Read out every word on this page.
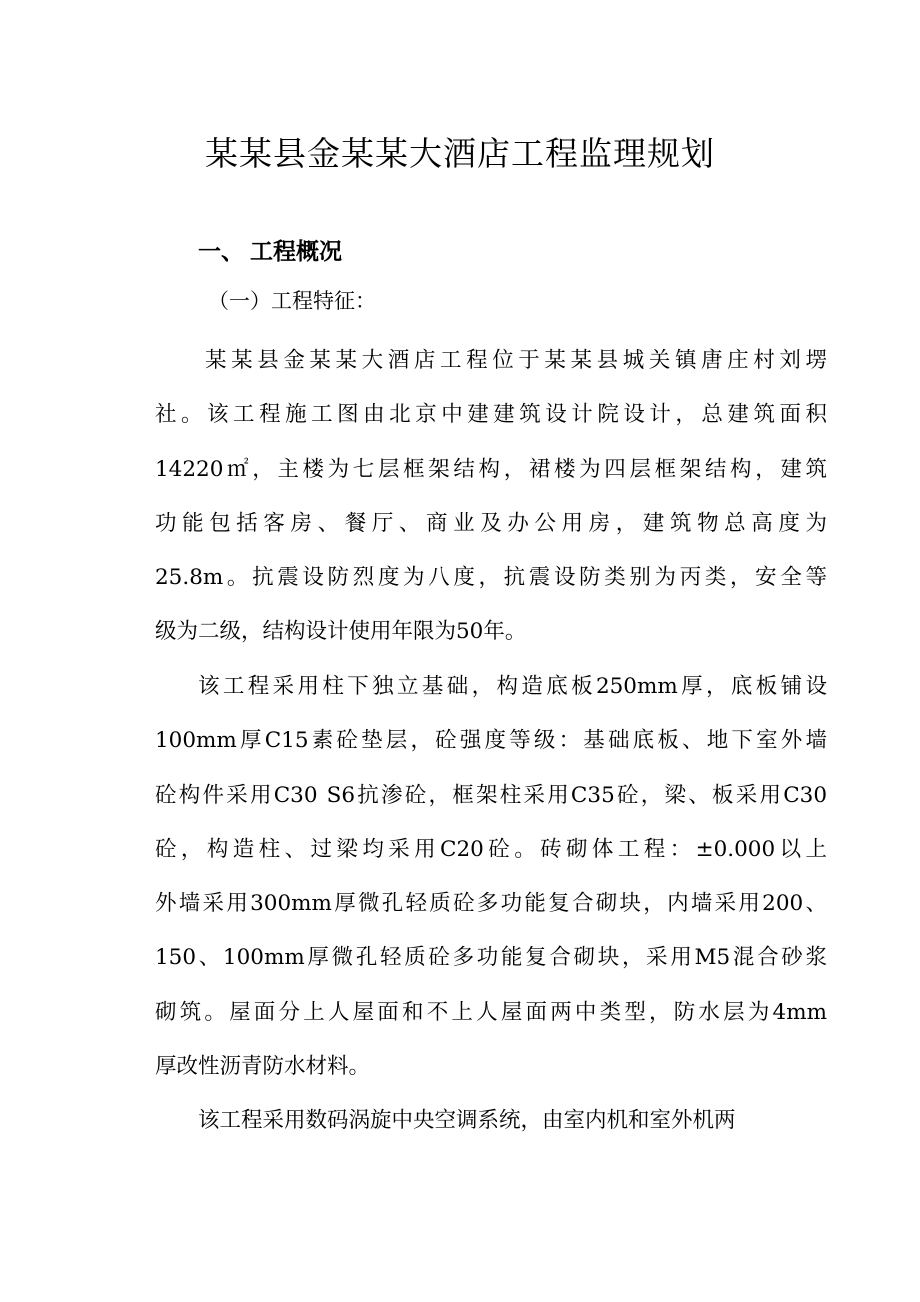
某某县金某某大酒店工程监理规划
一、 工程概况
（一）工程特征：
某某县金某某大酒店工程位于某某县城关镇唐庄村刘塄
社。该工程施工图由北京中建建筑设计院设计，总建筑面积
14220㎡，主楼为七层框架结构，裙楼为四层框架结构，建筑
功能包括客房、餐厅、商业及办公用房，建筑物总高度为
25.8m。抗震设防烈度为八度，抗震设防类别为丙类，安全等
级为二级，结构设计使用年限为50年。
该工程采用柱下独立基础，构造底板250mm厚，底板铺设
100mm厚C15素砼垫层，砼强度等级：基础底板、地下室外墙
砼构件采用C30 S6抗渗砼，框架柱采用C35砼，梁、板采用C30
砼，构造柱、过梁均采用C20砼。砖砌体工程：±0.000以上
外墙采用300mm厚微孔轻质砼多功能复合砌块，内墙采用200、
150、100mm厚微孔轻质砼多功能复合砌块，采用M5混合砂浆
砌筑。屋面分上人屋面和不上人屋面两中类型，防水层为4mm
厚改性沥青防水材料。
该工程采用数码涡旋中央空调系统，由室内机和室外机两
